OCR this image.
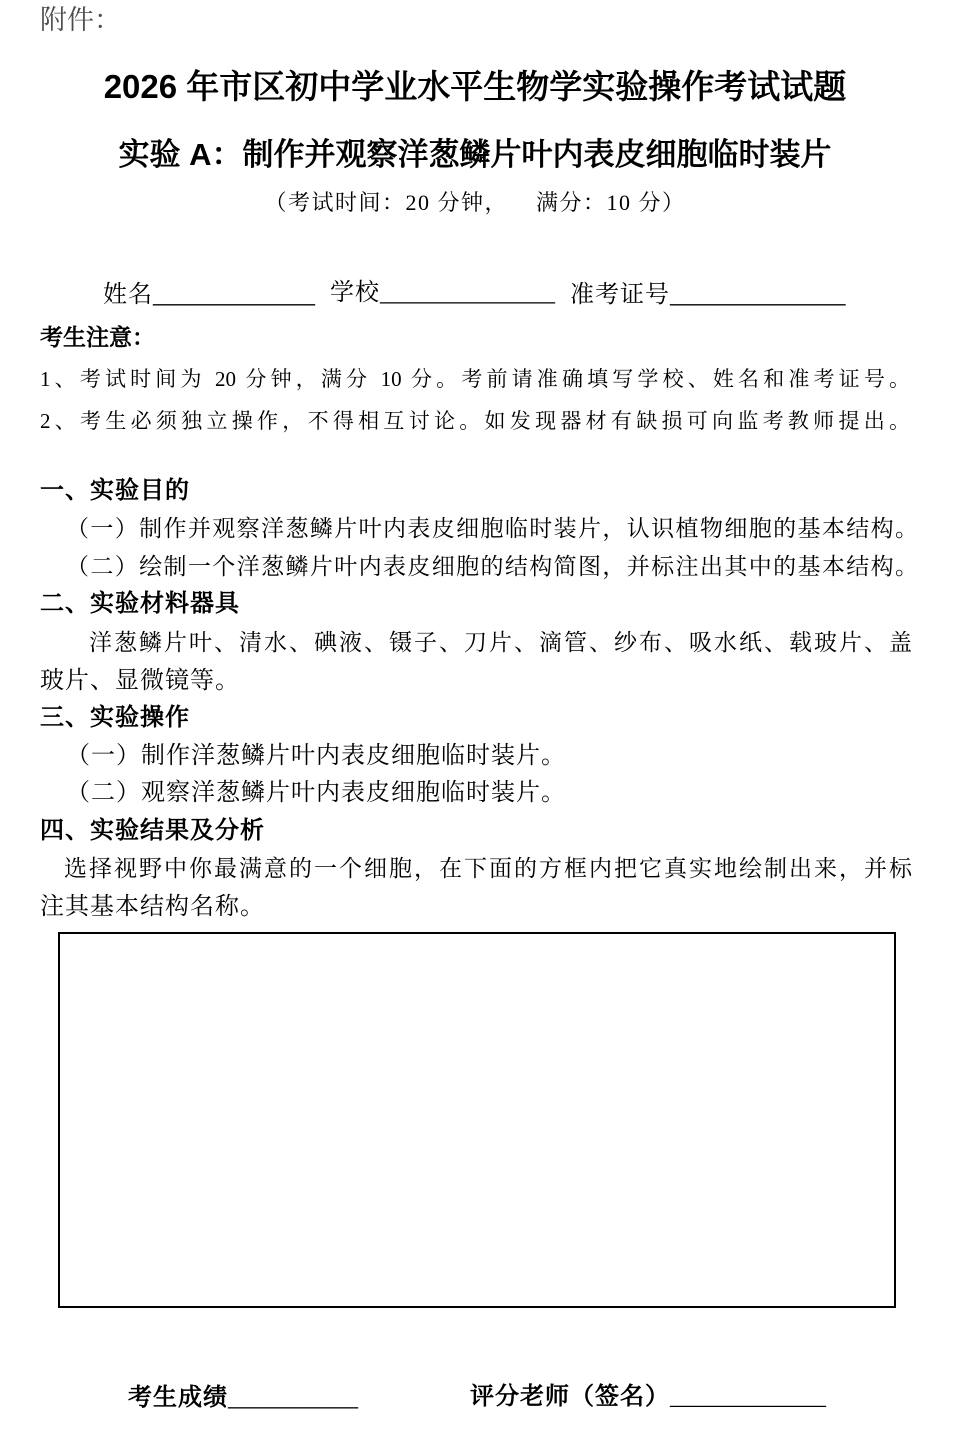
附件：
2026 年市区初中学业水平生物学实验操作考试试题
实验 A：制作并观察洋葱鳞片叶内表皮细胞临时装片
（考试时间：20 分钟，    满分：10 分）
姓名____________ 学校______________ 准考证号_____________
考生注意：
1、考试时间为 20 分钟，满分 10 分。考前请准确填写学校、姓名和准考证号。
2、考生必须独立操作，不得相互讨论。如发现器材有缺损可向监考教师提出。
一、实验目的
（一）制作并观察洋葱鳞片叶内表皮细胞临时装片，认识植物细胞的基本结构。
（二）绘制一个洋葱鳞片叶内表皮细胞的结构简图，并标注出其中的基本结构。
二、实验材料器具
洋葱鳞片叶、清水、碘液、镊子、刀片、滴管、纱布、吸水纸、载玻片、盖
玻片、显微镜等。
三、实验操作
（一）制作洋葱鳞片叶内表皮细胞临时装片。
（二）观察洋葱鳞片叶内表皮细胞临时装片。
四、实验结果及分析
选择视野中你最满意的一个细胞，在下面的方框内把它真实地绘制出来，并标
注其基本结构名称。
考生成绩__________	评分老师（签名）_____________
